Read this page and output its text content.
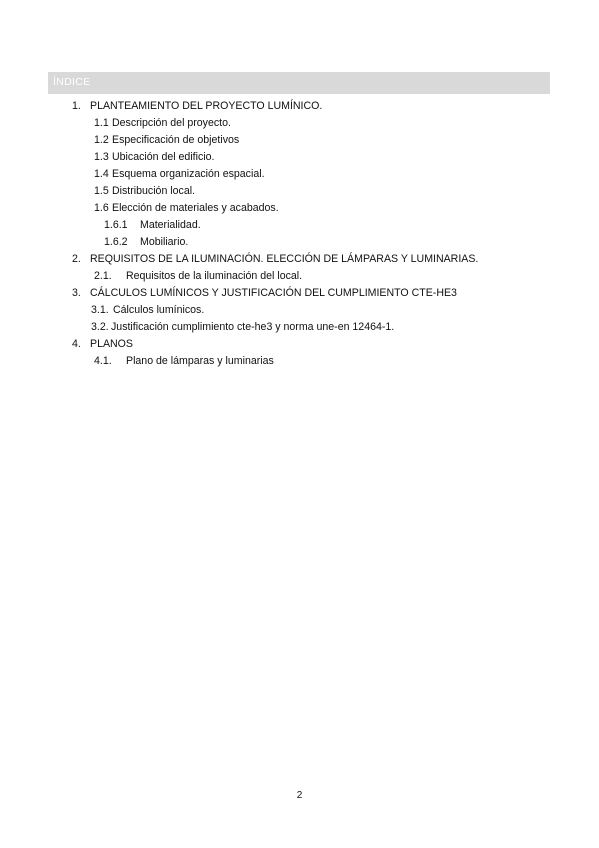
ÍNDICE
1. PLANTEAMIENTO DEL PROYECTO LUMÍNICO.
1.1 Descripción del proyecto.
1.2 Especificación de objetivos
1.3 Ubicación del edificio.
1.4 Esquema organización espacial.
1.5 Distribución local.
1.6 Elección de materiales y acabados.
1.6.1 Materialidad.
1.6.2 Mobiliario.
2. REQUISITOS DE LA ILUMINACIÓN. ELECCIÓN DE LÁMPARAS Y LUMINARIAS.
2.1. Requisitos de la iluminación del local.
3. CÁLCULOS LUMÍNICOS Y JUSTIFICACIÓN DEL CUMPLIMIENTO CTE-HE3
3.1. Cálculos lumínicos.
3.2. Justificación cumplimiento cte-he3 y norma une-en 12464-1.
4. PLANOS
4.1. Plano de lámparas y luminarias
2
